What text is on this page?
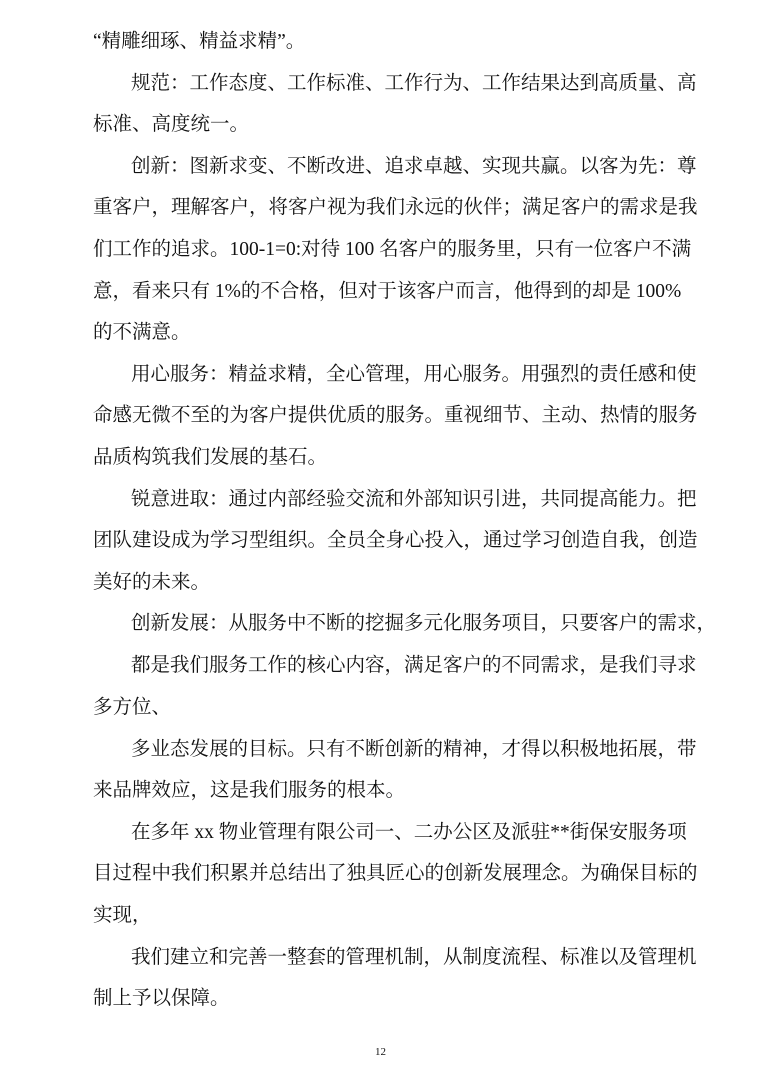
“精雕细琢、精益求精”。
规范：工作态度、工作标准、工作行为、工作结果达到高质量、高
标准、高度统一。
创新：图新求变、不断改进、追求卓越、实现共赢。以客为先：尊
重客户，理解客户，将客户视为我们永远的伙伴；满足客户的需求是我
们工作的追求。100-1=0:对待 100 名客户的服务里，只有一位客户不满
意，看来只有 1%的不合格，但对于该客户而言，他得到的却是 100%
的不满意。
用心服务：精益求精，全心管理，用心服务。用强烈的责任感和使
命感无微不至的为客户提供优质的服务。重视细节、主动、热情的服务
品质构筑我们发展的基石。
锐意进取：通过内部经验交流和外部知识引进，共同提高能力。把
团队建设成为学习型组织。全员全身心投入，通过学习创造自我，创造
美好的未来。
创新发展：从服务中不断的挖掘多元化服务项目，只要客户的需求，
都是我们服务工作的核心内容，满足客户的不同需求，是我们寻求
多方位、
多业态发展的目标。只有不断创新的精神，才得以积极地拓展，带
来品牌效应，这是我们服务的根本。
在多年 xx 物业管理有限公司一、二办公区及派驻**街保安服务项
目过程中我们积累并总结出了独具匠心的创新发展理念。为确保目标的
实现，
我们建立和完善一整套的管理机制，从制度流程、标准以及管理机
制上予以保障。
12
